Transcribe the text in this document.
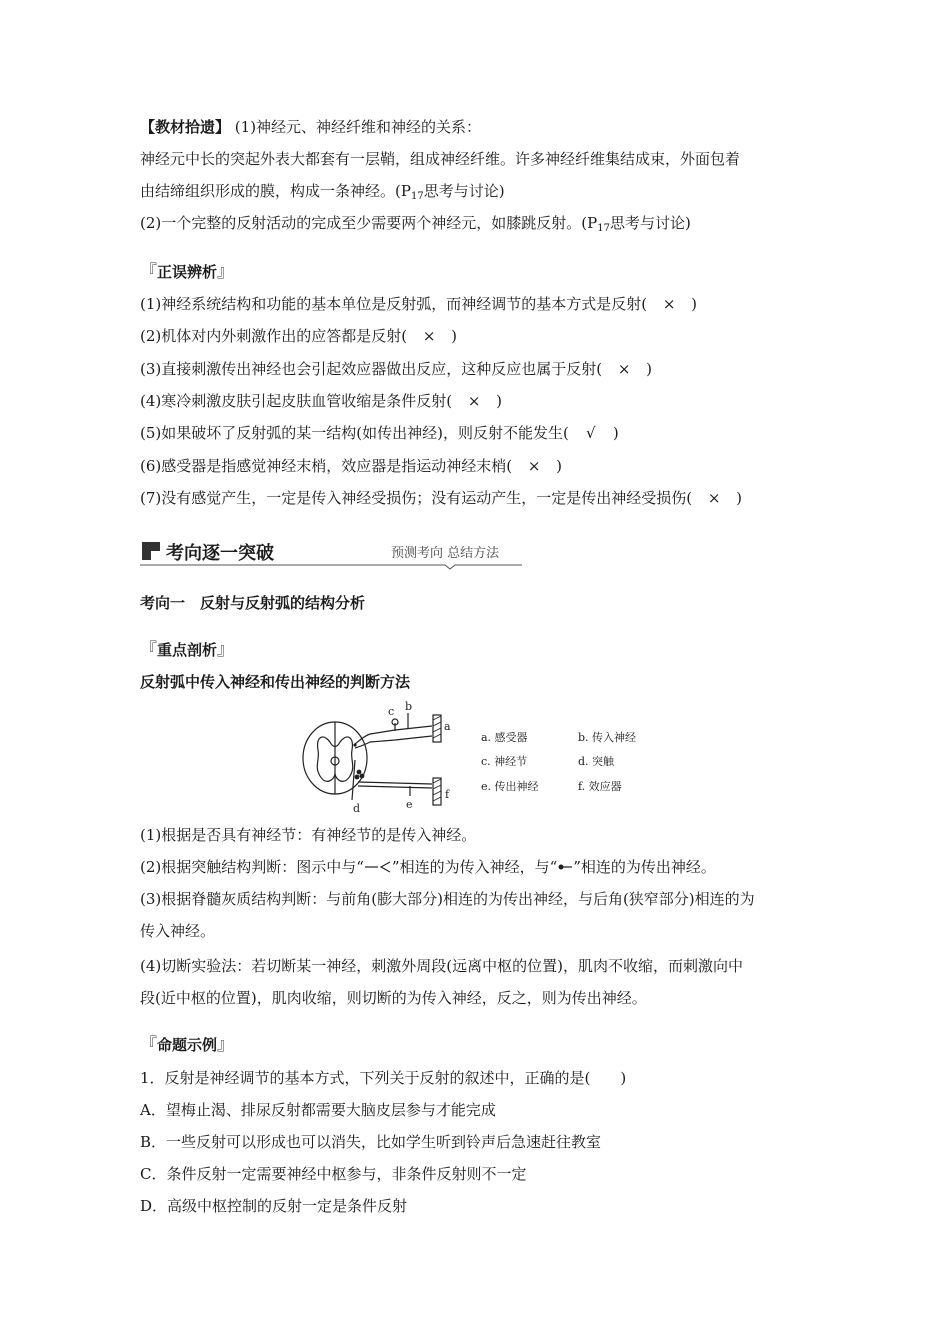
【教材拾遗】 (1)神经元、神经纤维和神经的关系：
神经元中长的突起外表大都套有一层鞘，组成神经纤维。许多神经纤维集结成束，外面包着
由结缔组织形成的膜，构成一条神经。($P_{17}$思考与讨论)
(2)一个完整的反射活动的完成至少需要两个神经元，如膝跳反射。($P_{17}$思考与讨论)
『正误辨析』
(1)神经系统结构和功能的基本单位是反射弧，而神经调节的基本方式是反射( × )
(2)机体对内外刺激作出的应答都是反射( × )
(3)直接刺激传出神经也会引起效应器做出反应，这种反应也属于反射( × )
(4)寒冷刺激皮肤引起皮肤血管收缩是条件反射( × )
(5)如果破坏了反射弧的某一结构(如传出神经)，则反射不能发生( √ )
(6)感受器是指感觉神经末梢，效应器是指运动神经末梢( × )
(7)没有感觉产生，一定是传入神经受损伤；没有运动产生，一定是传出神经受损伤( × )
考向逐一突破	预测考向 总结方法
考向一　反射与反射弧的结构分析
『重点剖析』
反射弧中传入神经和传出神经的判断方法
a
b
c
d	e
f
a. 感受器	b. 传入神经
c. 神经节	d. 突触
e. 传出神经	f. 效应器
(1)根据是否具有神经节：有神经节的是传入神经。
(2)根据突触结构判断：图示中与“ ”相连的为传入神经，与“ ”相连的为传出神经。
(3)根据脊髓灰质结构判断：与前角(膨大部分)相连的为传出神经，与后角(狭窄部分)相连的为
传入神经。
(4)切断实验法：若切断某一神经，刺激外周段(远离中枢的位置)，肌肉不收缩，而刺激向中
段(近中枢的位置)，肌肉收缩，则切断的为传入神经，反之，则为传出神经。
『命题示例』
1．反射是神经调节的基本方式，下列关于反射的叙述中，正确的是(　　)
A．望梅止渴、排尿反射都需要大脑皮层参与才能完成
B．一些反射可以形成也可以消失，比如学生听到铃声后急速赶往教室
C．条件反射一定需要神经中枢参与，非条件反射则不一定
D．高级中枢控制的反射一定是条件反射
